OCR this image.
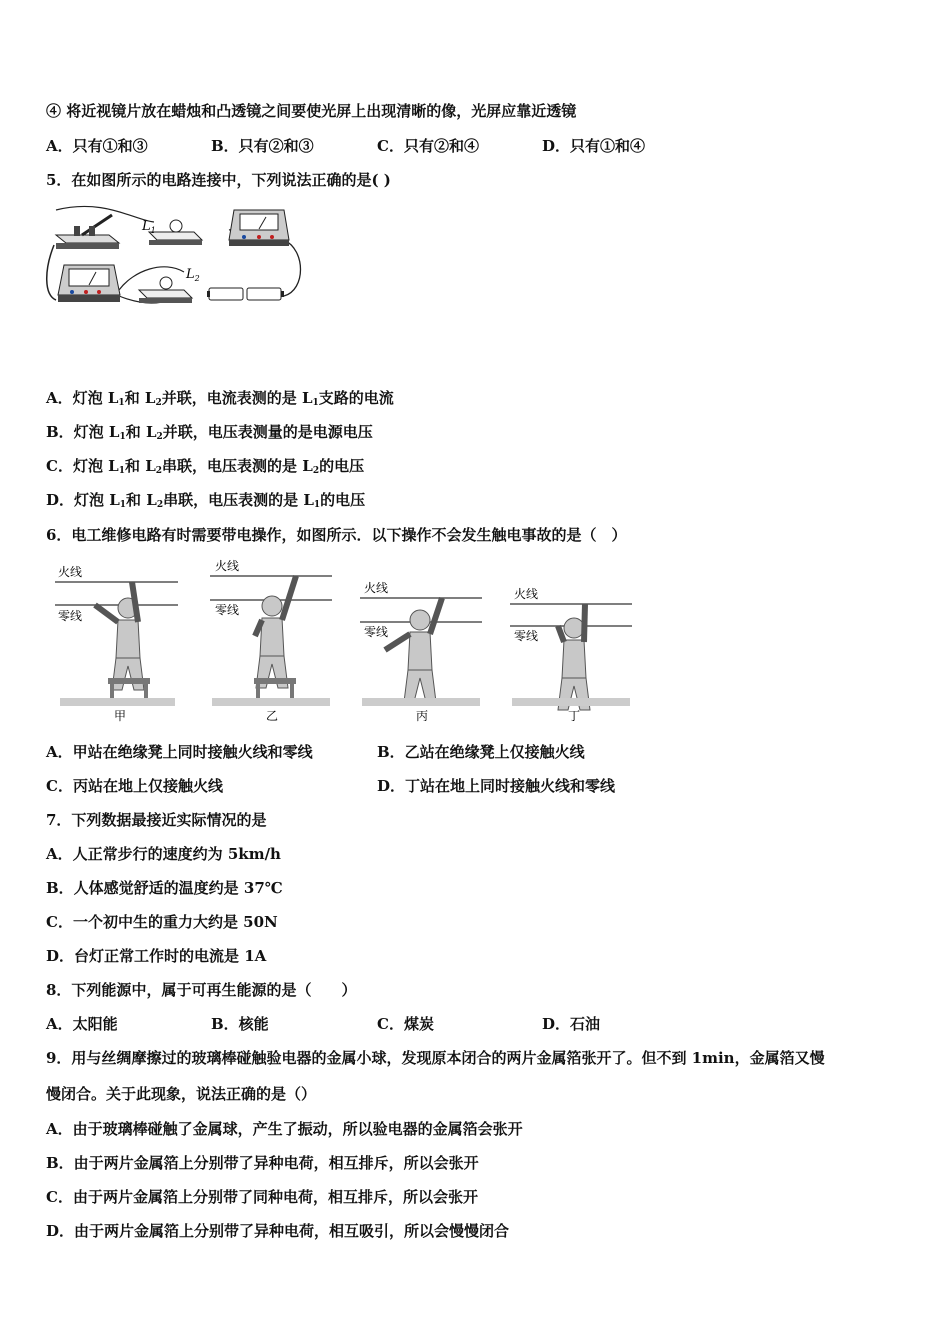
④ 将近视镜片放在蜡烛和凸透镜之间要使光屏上出现清晰的像，光屏应靠近透镜
A．只有①和③	B．只有②和③	C．只有②和④	D．只有①和④
5．在如图所示的电路连接中，下列说法正确的是( )
$L_1$
$L_2$
A．灯泡 $L_1$和 $L_2$并联，电流表测的是 $L_1$支路的电流
B．灯泡 $L_1$和 $L_2$并联，电压表测量的是电源电压
C．灯泡 $L_1$和 $L_2$串联，电压表测的是 $L_2$的电压
D．灯泡 $L_1$和 $L_2$串联，电压表测的是 $L_1$的电压
6．电工维修电路有时需要带电操作，如图所示．以下操作不会发生触电事故的是（　）
火线
零线
甲
火线
零线
乙
火线
零线
丙
火线
零线
丁
A．甲站在绝缘凳上同时接触火线和零线	B．乙站在绝缘凳上仅接触火线
C．丙站在地上仅接触火线	D．丁站在地上同时接触火线和零线
7．下列数据最接近实际情况的是
A．人正常步行的速度约为 5km/h
B．人体感觉舒适的温度约是 37℃
C．一个初中生的重力大约是 50N
D．台灯正常工作时的电流是 1A
8．下列能源中，属于可再生能源的是（　　）
A．太阳能	B．核能	C．煤炭	D．石油
9．用与丝绸摩擦过的玻璃棒碰触验电器的金属小球，发现原本闭合的两片金属箔张开了。但不到 1min，金属箔又慢
慢闭合。关于此现象，说法正确的是（）
A．由于玻璃棒碰触了金属球，产生了振动，所以验电器的金属箔会张开
B．由于两片金属箔上分别带了异种电荷，相互排斥，所以会张开
C．由于两片金属箔上分别带了同种电荷，相互排斥，所以会张开
D．由于两片金属箔上分别带了异种电荷，相互吸引，所以会慢慢闭合
